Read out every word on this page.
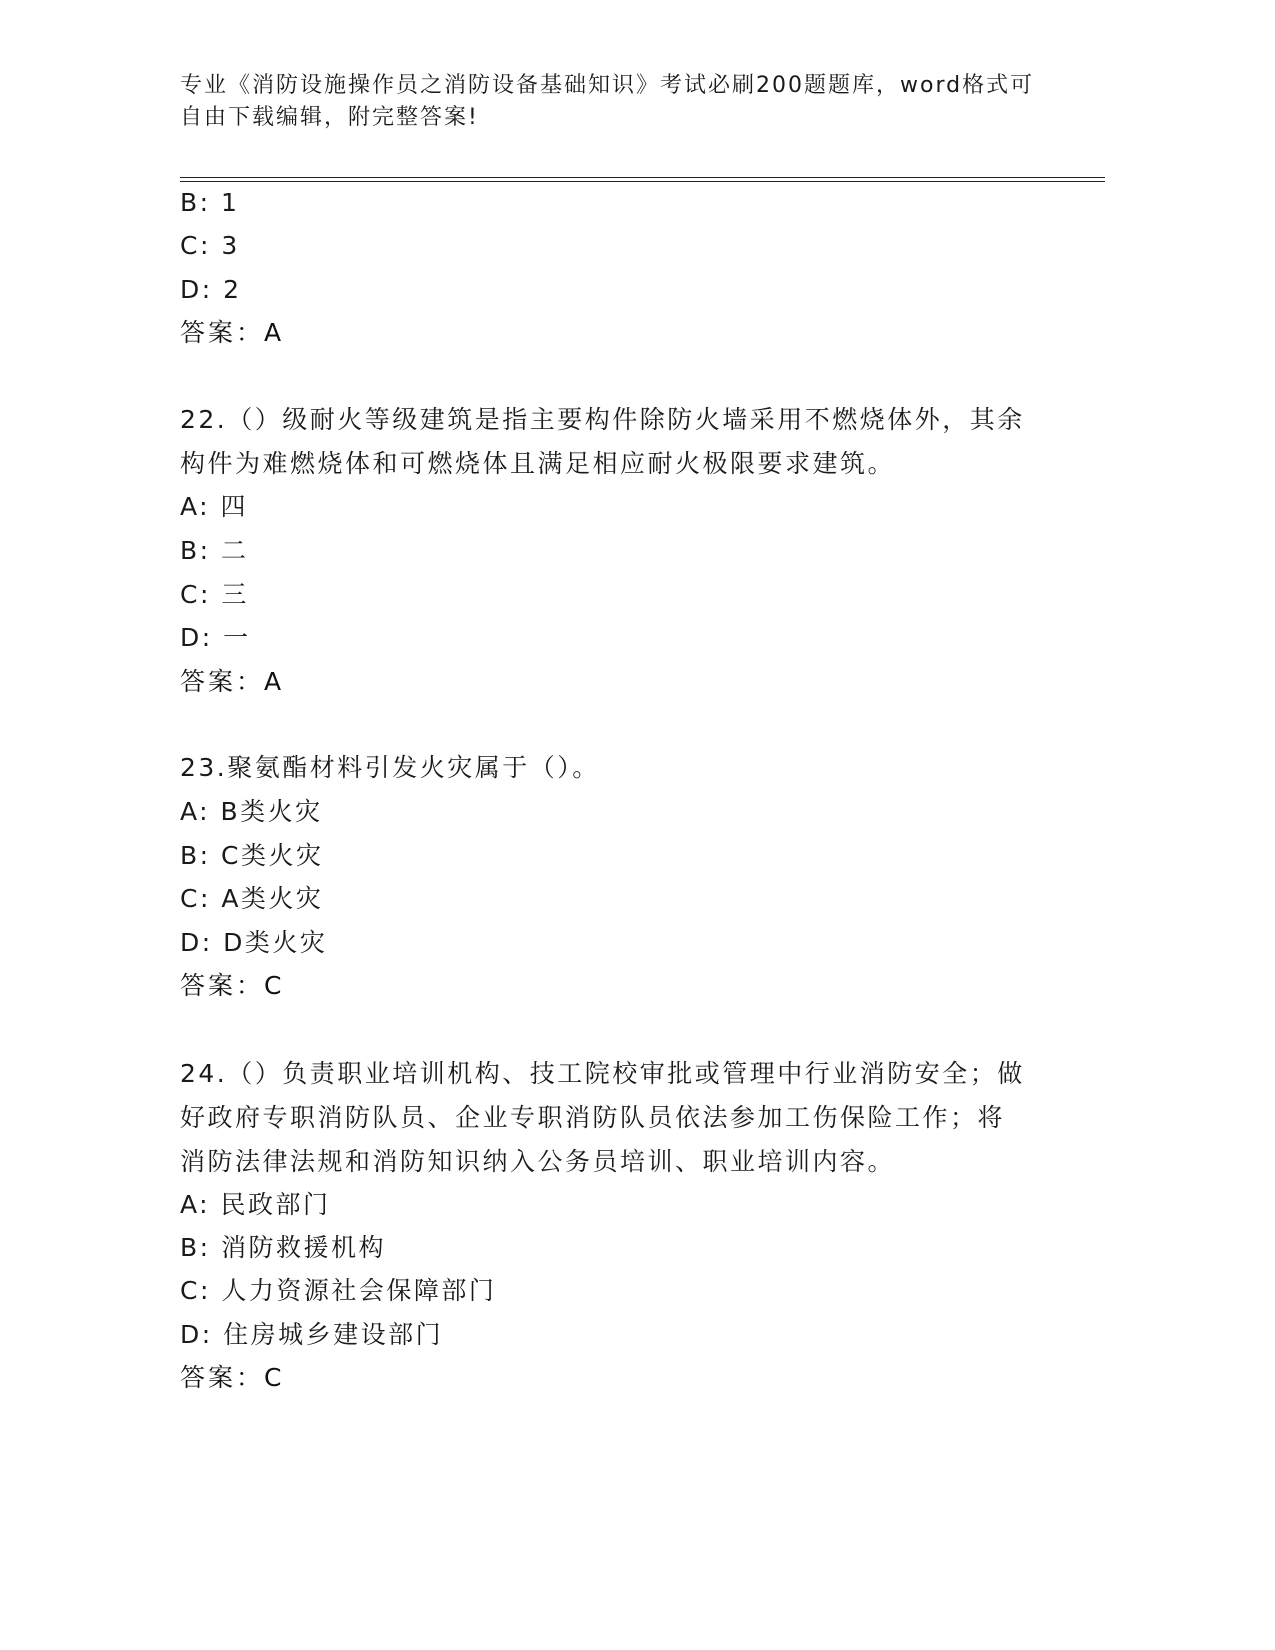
专业《消防设施操作员之消防设备基础知识》考试必刷200题题库，word格式可
自由下载编辑，附完整答案!
B: 1
C: 3
D: 2
答案：A
22.（）级耐火等级建筑是指主要构件除防火墙采用不燃烧体外，其余
构件为难燃烧体和可燃烧体且满足相应耐火极限要求建筑。
A: 四
B: 二
C: 三
D: 一
答案：A
23.聚氨酯材料引发火灾属于（）。
A: B类火灾
B: C类火灾
C: A类火灾
D: D类火灾
答案：C
24.（）负责职业培训机构、技工院校审批或管理中行业消防安全；做
好政府专职消防队员、企业专职消防队员依法参加工伤保险工作；将
消防法律法规和消防知识纳入公务员培训、职业培训内容。
A: 民政部门
B: 消防救援机构
C: 人力资源社会保障部门
D: 住房城乡建设部门
答案：C
